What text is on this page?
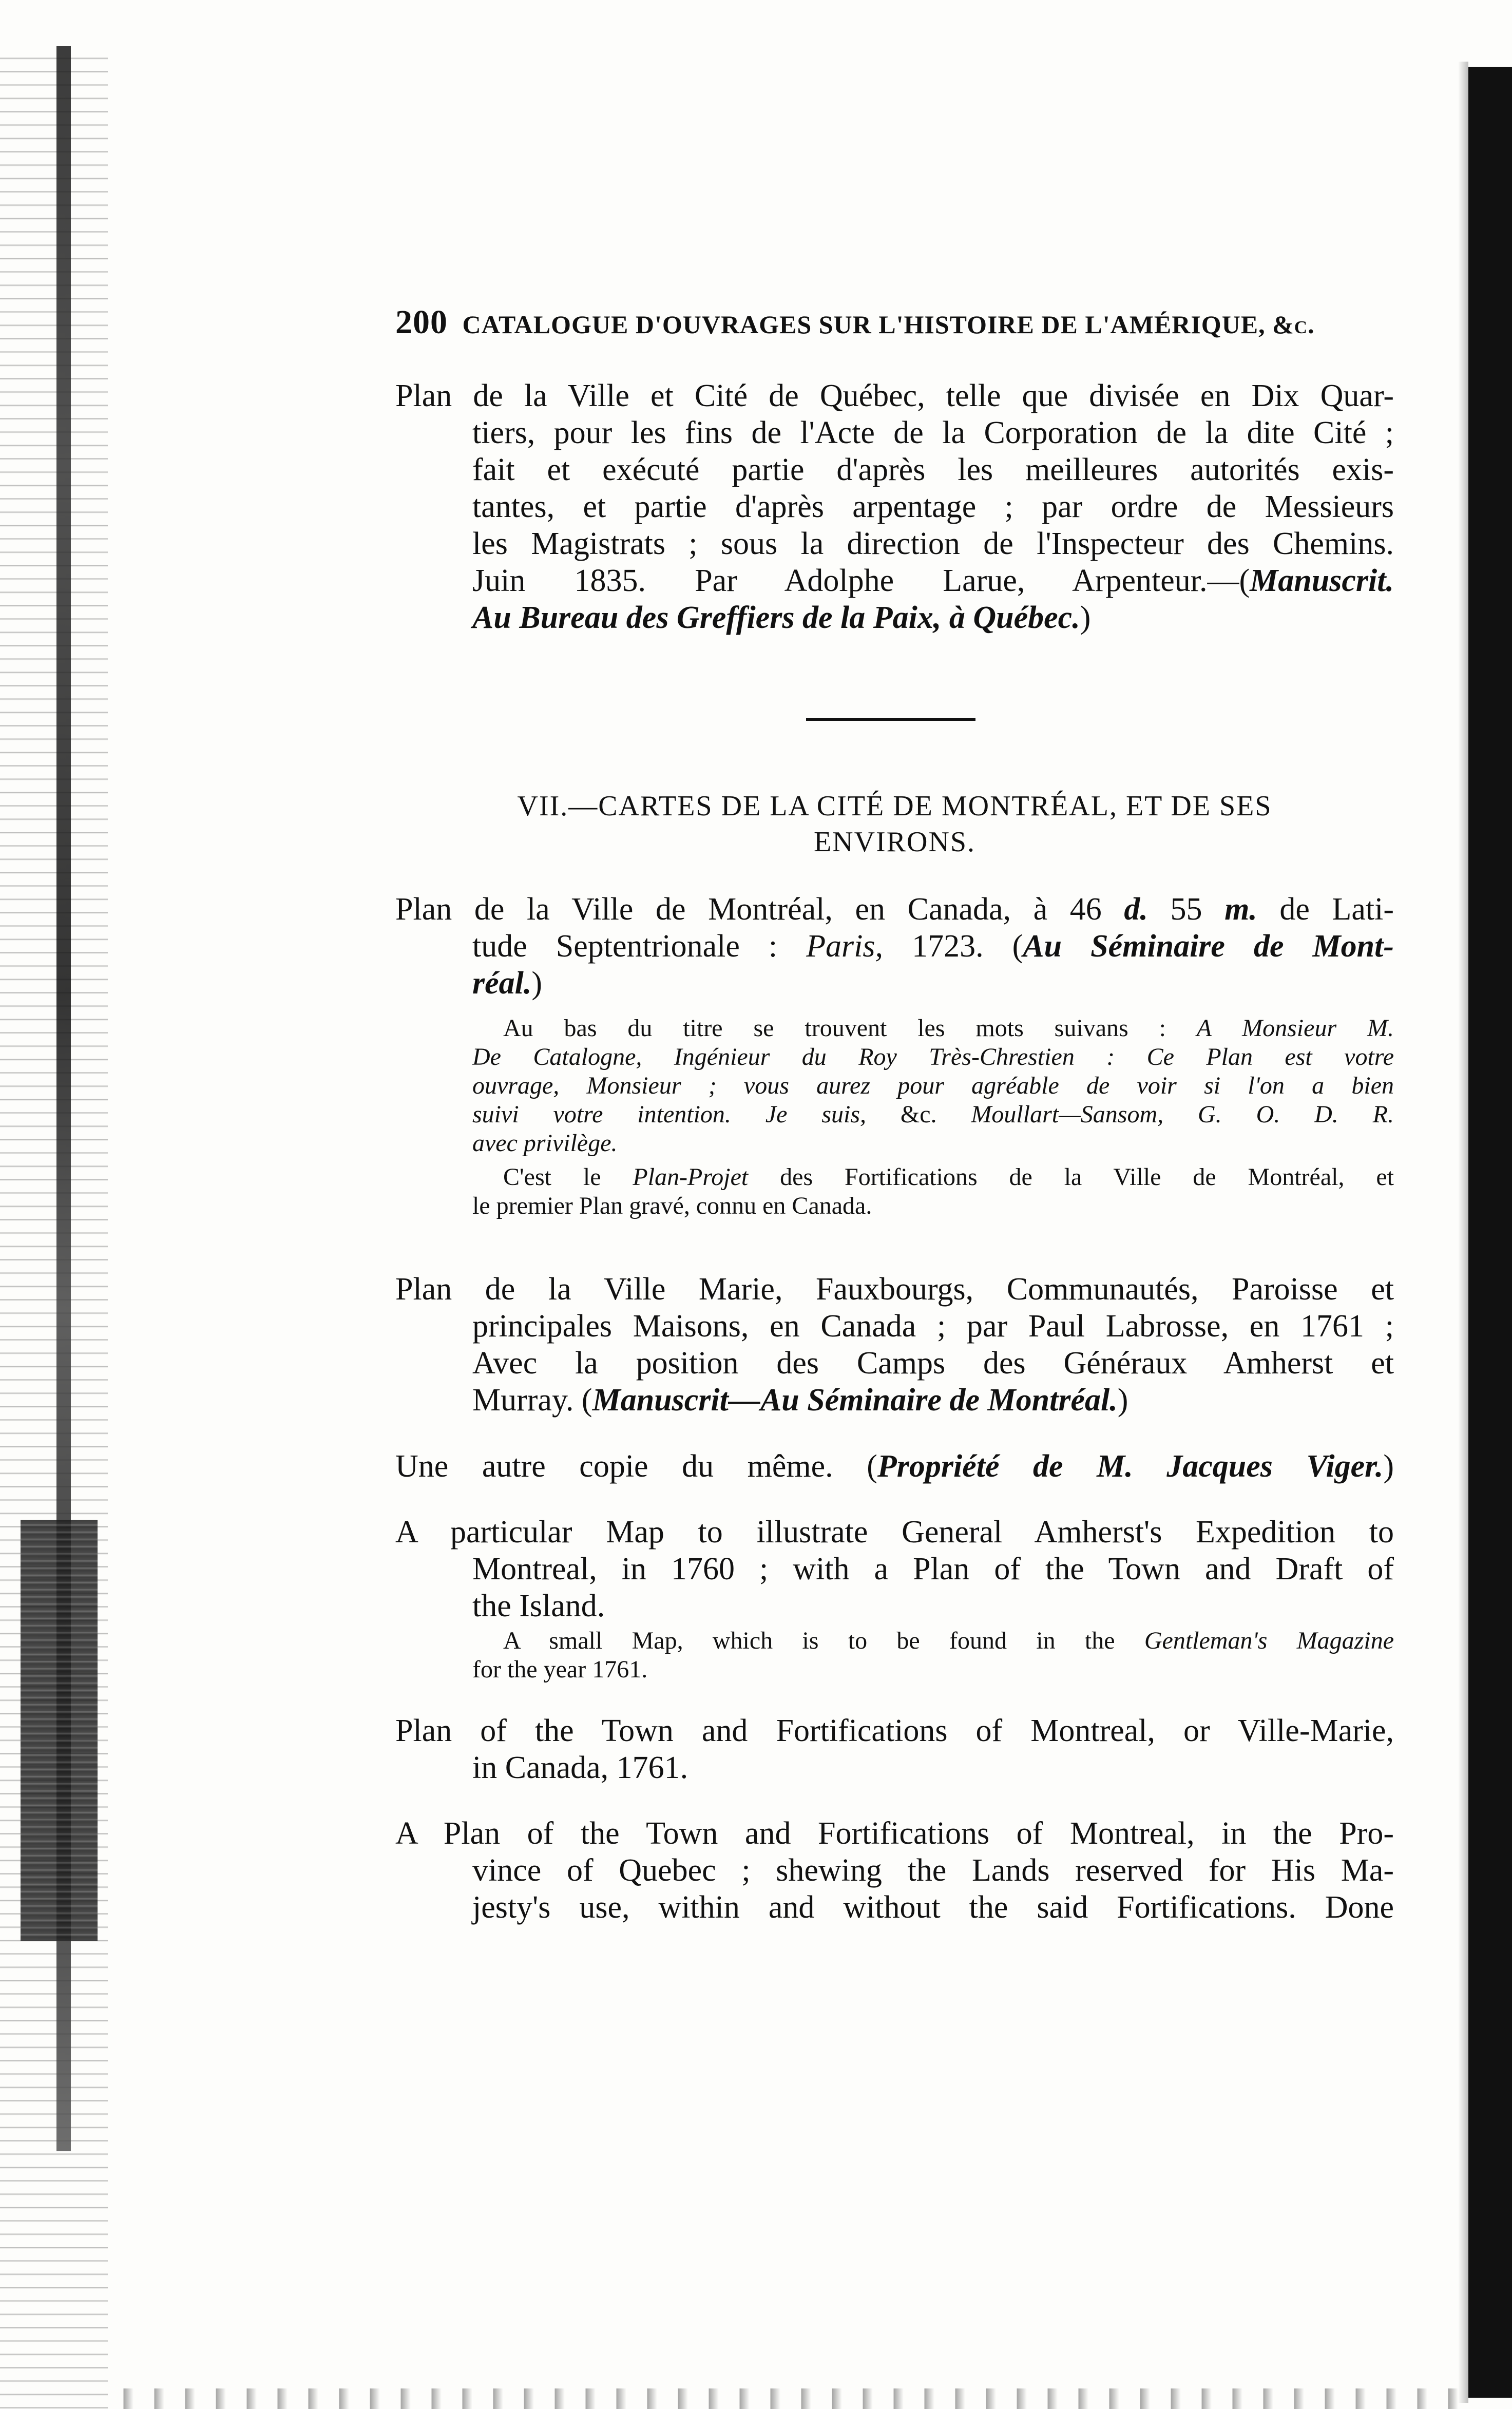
200 CATALOGUE D'OUVRAGES SUR L'HISTOIRE DE L'AMÉRIQUE, &c.
Plan de la Ville et Cité de Québec, telle que divisée en Dix Quar-
tiers, pour les fins de l'Acte de la Corporation de la dite Cité ;
fait et exécuté partie d'après les meilleures autorités exis-
tantes, et partie d'après arpentage ; par ordre de Messieurs
les Magistrats ; sous la direction de l'Inspecteur des Chemins.
Juin 1835. Par Adolphe Larue, Arpenteur.—(Manuscrit.
Au Bureau des Greffiers de la Paix, à Québec.)
VII.—CARTES DE LA CITÉ DE MONTRÉAL, ET DE SES
ENVIRONS.
Plan de la Ville de Montréal, en Canada, à 46 d. 55 m. de Lati-
tude Septentrionale : Paris, 1723. (Au Séminaire de Mont-
réal.)
Au bas du titre se trouvent les mots suivans : A Monsieur M.
De Catalogne, Ingénieur du Roy Très-Chrestien : Ce Plan est votre
ouvrage, Monsieur ; vous aurez pour agréable de voir si l'on a bien
suivi votre intention. Je suis, &c. Moullart—Sansom, G. O. D. R.
avec privilège.
C'est le Plan-Projet des Fortifications de la Ville de Montréal, et
le premier Plan gravé, connu en Canada.
Plan de la Ville Marie, Fauxbourgs, Communautés, Paroisse et
principales Maisons, en Canada ; par Paul Labrosse, en 1761 ;
Avec la position des Camps des Généraux Amherst et
Murray. (Manuscrit—Au Séminaire de Montréal.)
Une autre copie du même. (Propriété de M. Jacques Viger.)
A particular Map to illustrate General Amherst's Expedition to
Montreal, in 1760 ; with a Plan of the Town and Draft of
the Island.
A small Map, which is to be found in the Gentleman's Magazine
for the year 1761.
Plan of the Town and Fortifications of Montreal, or Ville-Marie,
in Canada, 1761.
A Plan of the Town and Fortifications of Montreal, in the Pro-
vince of Quebec ; shewing the Lands reserved for His Ma-
jesty's use, within and without the said Fortifications. Done
